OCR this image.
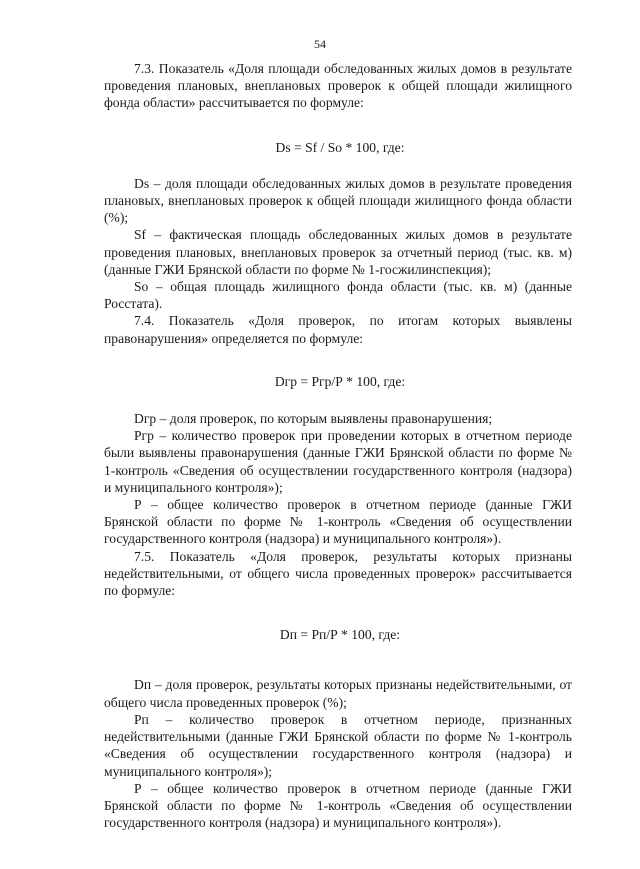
54

7.3. Показатель «Доля площади обследованных жилых домов в результате проведения плановых, внеплановых проверок к общей площади жилищного фонда области» рассчитывается по формуле:

Ds = Sf / So * 100, где:

Ds – доля площади обследованных жилых домов в результате проведения плановых, внеплановых проверок к общей площади жилищного фонда области (%);

Sf – фактическая площадь обследованных жилых домов в результате проведения плановых, внеплановых проверок за отчетный период (тыс. кв. м) (данные ГЖИ Брянской области по форме № 1-госжилинспекция);

So – общая площадь жилищного фонда области (тыс. кв. м) (данные Росстата).

7.4. Показатель «Доля проверок, по итогам которых выявлены правонарушения» определяется по формуле:

Dгр = Ргр/Р * 100, где:

Dгр – доля проверок, по которым выявлены правонарушения;

Ргр – количество проверок при проведении которых в отчетном периоде были выявлены правонарушения (данные ГЖИ Брянской области по форме № 1-контроль «Сведения об осуществлении государственного контроля (надзора) и муниципального контроля»);

Р – общее количество проверок в отчетном периоде (данные ГЖИ Брянской области по форме № 1-контроль «Сведения об осуществлении государственного контроля (надзора) и муниципального контроля»).

7.5. Показатель «Доля проверок, результаты которых признаны недействительными, от общего числа проведенных проверок» рассчитывается по формуле:

Dп = Рп/Р * 100, где:

Dп – доля проверок, результаты которых признаны недействительными, от общего числа проведенных проверок (%);

Рп – количество проверок в отчетном периоде, признанных недействительными (данные ГЖИ Брянской области по форме № 1-контроль «Сведения об осуществлении государственного контроля (надзора) и муниципального контроля»);

Р – общее количество проверок в отчетном периоде (данные ГЖИ Брянской области по форме № 1-контроль «Сведения об осуществлении государственного контроля (надзора) и муниципального контроля»).
